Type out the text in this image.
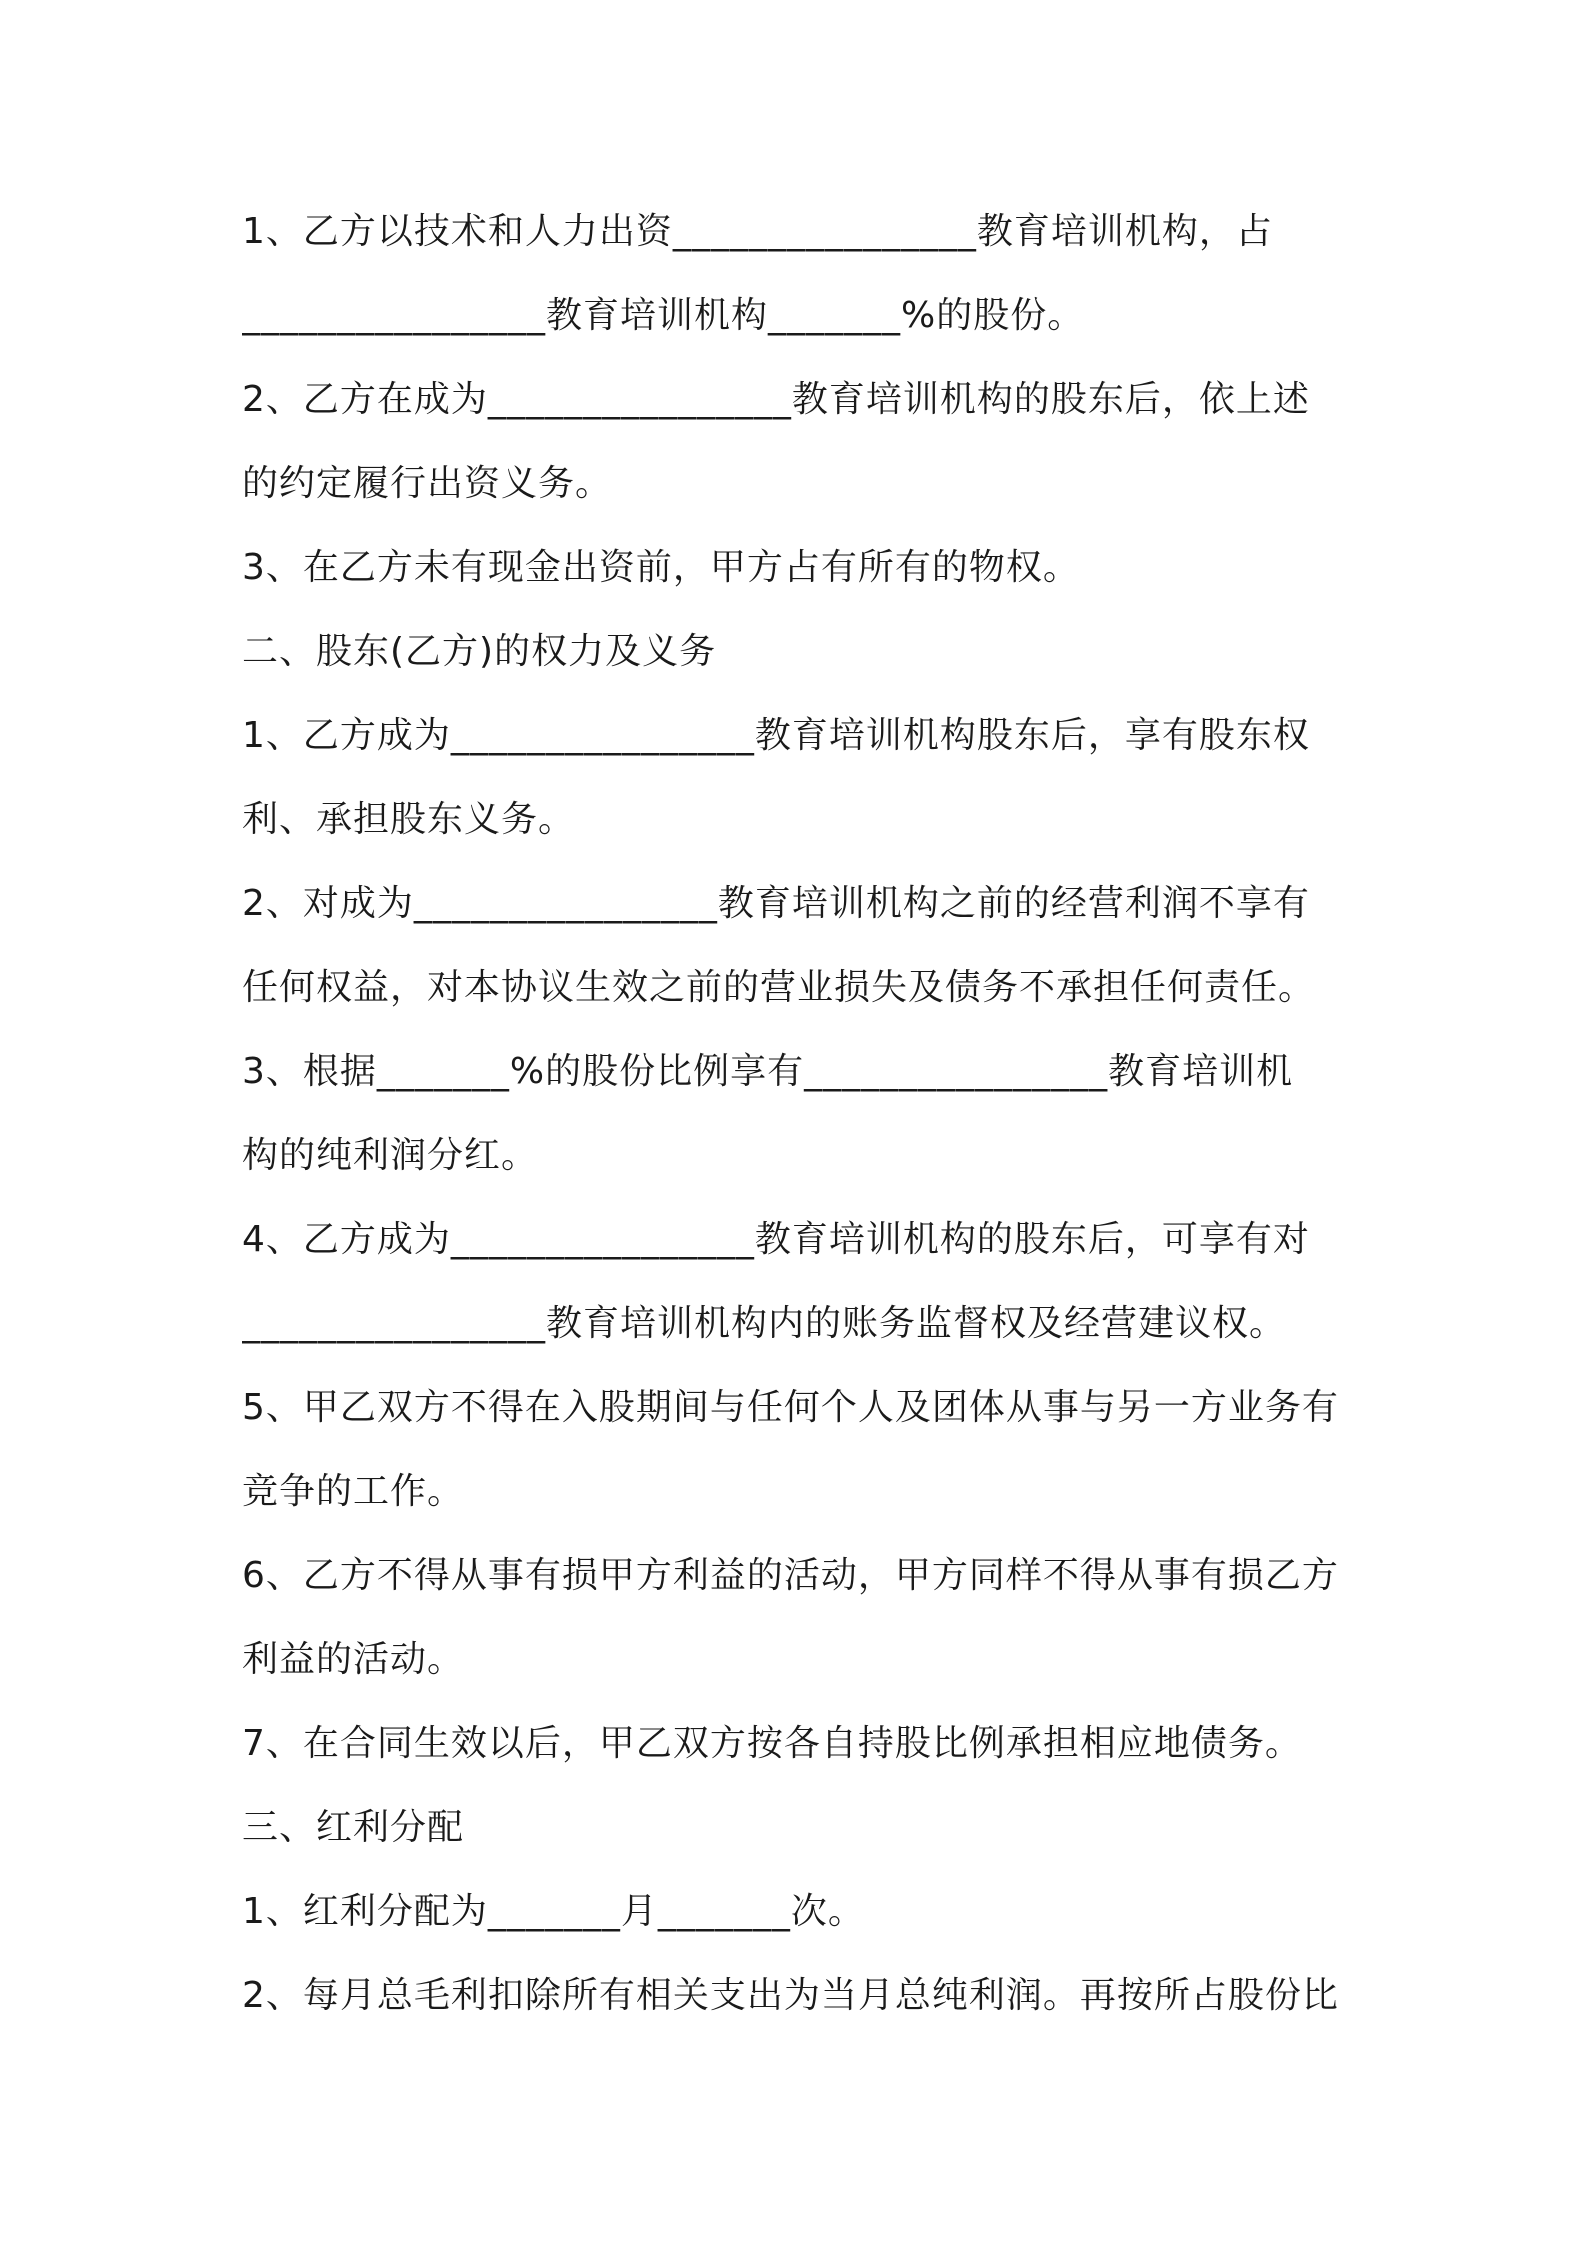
1、乙方以技术和人力出资________________教育培训机构，占
________________教育培训机构_______%的股份。
2、乙方在成为________________教育培训机构的股东后，依上述
的约定履行出资义务。
3、在乙方未有现金出资前，甲方占有所有的物权。
二、股东(乙方)的权力及义务
1、乙方成为________________教育培训机构股东后，享有股东权
利、承担股东义务。
2、对成为________________教育培训机构之前的经营利润不享有
任何权益，对本协议生效之前的营业损失及债务不承担任何责任。
3、根据_______%的股份比例享有________________教育培训机
构的纯利润分红。
4、乙方成为________________教育培训机构的股东后，可享有对
________________教育培训机构内的账务监督权及经营建议权。
5、甲乙双方不得在入股期间与任何个人及团体从事与另一方业务有
竞争的工作。
6、乙方不得从事有损甲方利益的活动，甲方同样不得从事有损乙方
利益的活动。
7、在合同生效以后，甲乙双方按各自持股比例承担相应地债务。
三、红利分配
1、红利分配为_______月_______次。
2、每月总毛利扣除所有相关支出为当月总纯利润。再按所占股份比
